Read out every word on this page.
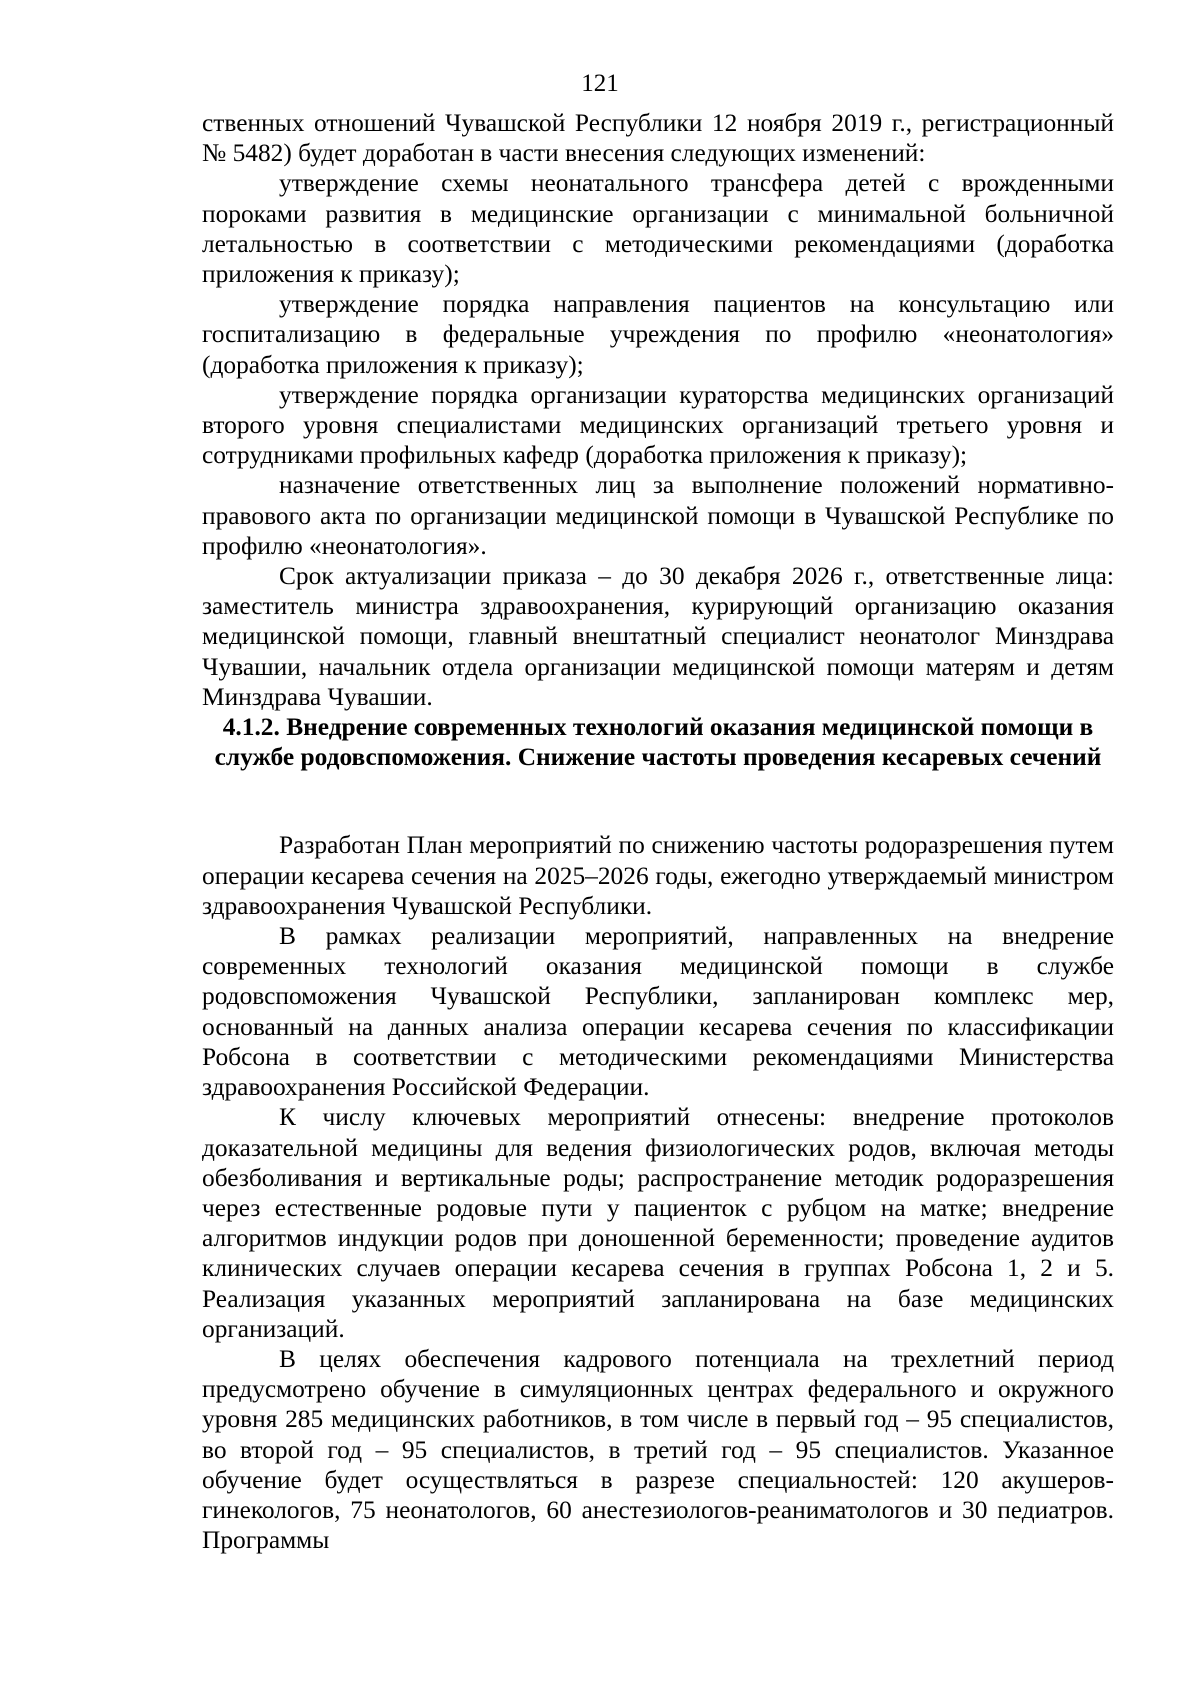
121

ственных отношений Чувашской Республики 12 ноября 2019 г., регистрационный № 5482) будет доработан в части внесения следующих изменений:

утверждение схемы неонатального трансфера детей с врожденными пороками развития в медицинские организации с минимальной больничной летальностью в соответствии с методическими рекомендациями (доработка приложения к приказу);

утверждение порядка направления пациентов на консультацию или госпитализацию в федеральные учреждения по профилю «неонатология» (доработка приложения к приказу);

утверждение порядка организации кураторства медицинских организаций второго уровня специалистами медицинских организаций третьего уровня и сотрудниками профильных кафедр (доработка приложения к приказу);

назначение ответственных лиц за выполнение положений нормативно-правового акта по организации медицинской помощи в Чувашской Республике по профилю «неонатология».

Срок актуализации приказа – до 30 декабря 2026 г., ответственные лица: заместитель министра здравоохранения, курирующий организацию оказания медицинской помощи, главный внештатный специалист неонатолог Минздрава Чувашии, начальник отдела организации медицинской помощи матерям и детям Минздрава Чувашии.

4.1.2. Внедрение современных технологий оказания медицинской помощи в службе родовспоможения. Снижение частоты проведения кесаревых сечений

Разработан План мероприятий по снижению частоты родоразрешения путем операции кесарева сечения на 2025–2026 годы, ежегодно утверждаемый министром здравоохранения Чувашской Республики.

В рамках реализации мероприятий, направленных на внедрение современных технологий оказания медицинской помощи в службе родовспоможения Чувашской Республики, запланирован комплекс мер, основанный на данных анализа операции кесарева сечения по классификации Робсона в соответствии с методическими рекомендациями Министерства здравоохранения Российской Федерации.

К числу ключевых мероприятий отнесены: внедрение протоколов доказательной медицины для ведения физиологических родов, включая методы обезболивания и вертикальные роды; распространение методик родоразрешения через естественные родовые пути у пациенток с рубцом на матке; внедрение алгоритмов индукции родов при доношенной беременности; проведение аудитов клинических случаев операции кесарева сечения в группах Робсона 1, 2 и 5. Реализация указанных мероприятий запланирована на базе медицинских организаций.

В целях обеспечения кадрового потенциала на трехлетний период предусмотрено обучение в симуляционных центрах федерального и окружного уровня 285 медицинских работников, в том числе в первый год – 95 специалистов, во второй год – 95 специалистов, в третий год – 95 специалистов. Указанное обучение будет осуществляться в разрезе специальностей: 120 акушеров-гинекологов, 75 неонатологов, 60 анестезиологов-реаниматологов и 30 педиатров. Программы
